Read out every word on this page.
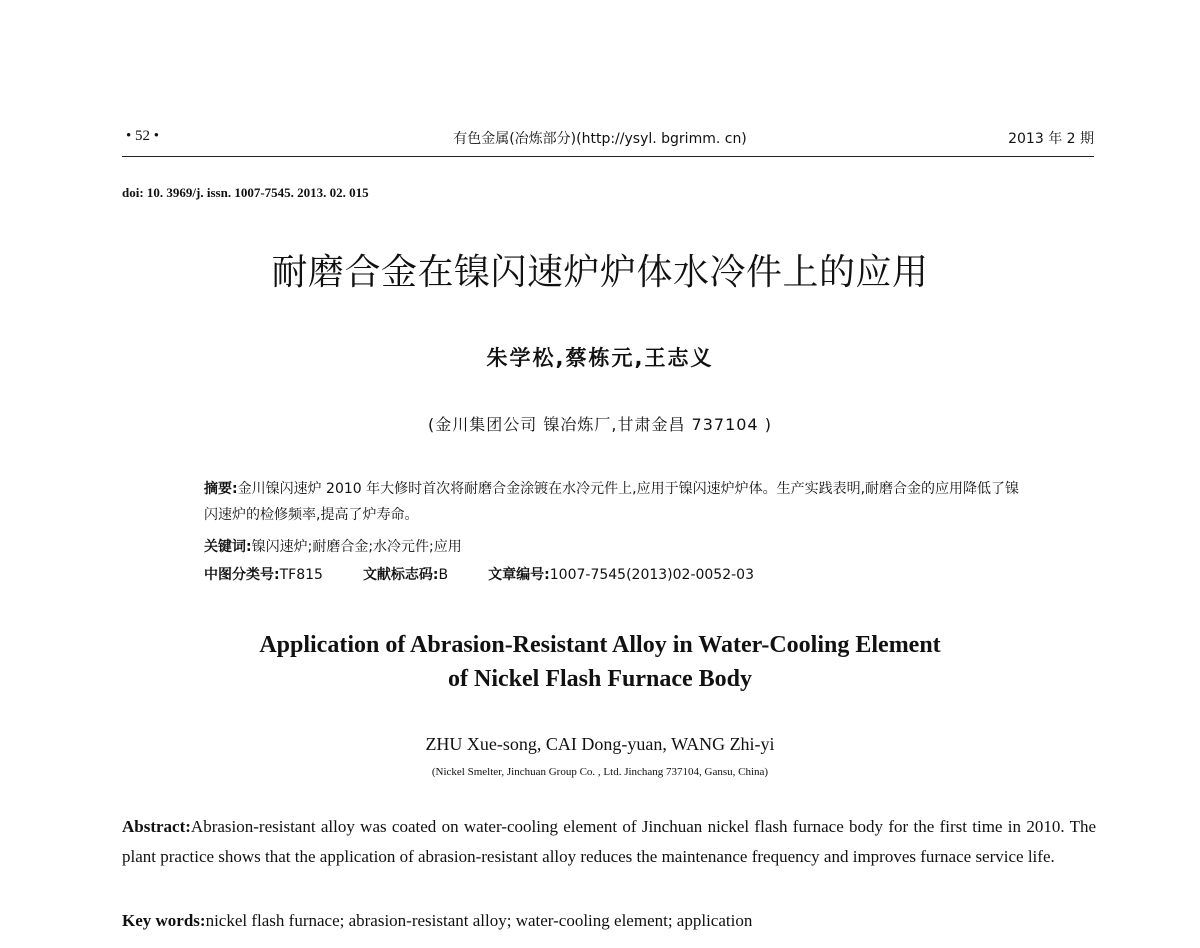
• 52 •	有色金属(冶炼部分)(http://ysyl. bgrimm. cn)	2013 年 2 期
doi: 10. 3969/j. issn. 1007-7545. 2013. 02. 015
耐磨合金在镍闪速炉炉体水冷件上的应用
朱学松,蔡栋元,王志义
(金川集团公司 镍冶炼厂,甘肃金昌 737104 )
摘要:金川镍闪速炉 2010 年大修时首次将耐磨合金涂镀在水冷元件上,应用于镍闪速炉炉体。生产实践表明,耐磨合金的应用降低了镍闪速炉的检修频率,提高了炉寿命。
关键词:镍闪速炉;耐磨合金;水冷元件;应用
中图分类号:TF815	文献标志码:B	文章编号:1007-7545(2013)02-0052-03
Application of Abrasion-Resistant Alloy in Water-Cooling Element
of Nickel Flash Furnace Body
ZHU Xue-song, CAI Dong-yuan, WANG Zhi-yi
(Nickel Smelter, Jinchuan Group Co. , Ltd. Jinchang 737104, Gansu, China)
Abstract:Abrasion-resistant alloy was coated on water-cooling element of Jinchuan nickel flash furnace body for the first time in 2010. The plant practice shows that the application of abrasion-resistant alloy reduces the maintenance frequency and improves furnace service life.
Key words:nickel flash furnace; abrasion-resistant alloy; water-cooling element; application
